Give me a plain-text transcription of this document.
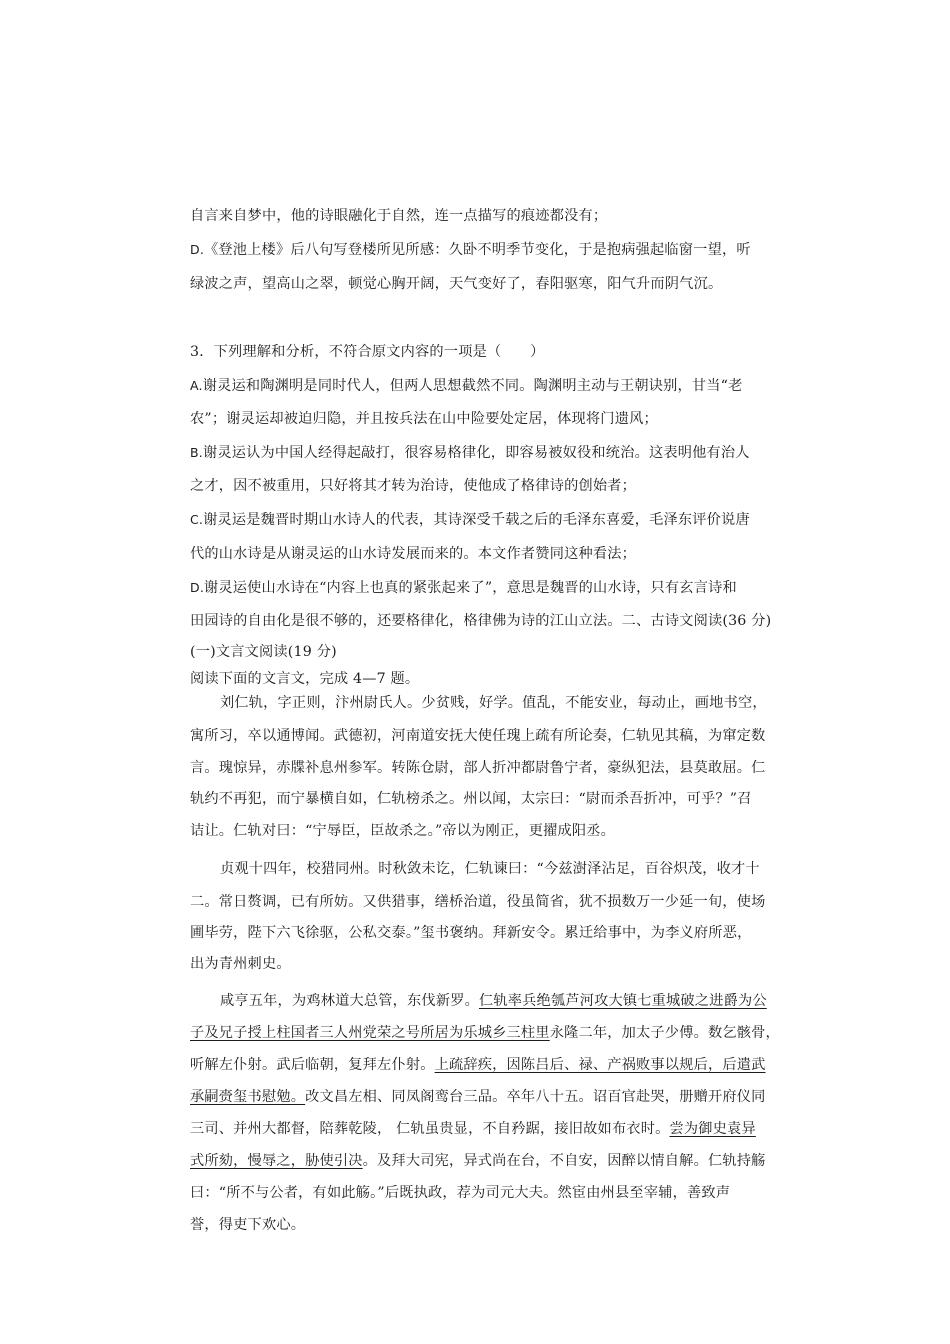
自言来自梦中，他的诗眼融化于自然，连一点描写的痕迹都没有；
D.《登池上楼》后八句写登楼所见所感：久卧不明季节变化，于是抱病强起临窗一望，听
绿波之声，望高山之翠，顿觉心胸开阔，天气变好了，春阳驱寒，阳气升而阴气沉。
3．下列理解和分析，不符合原文内容的一项是（　　）
A.谢灵运和陶渊明是同时代人，但两人思想截然不同。陶渊明主动与王朝诀别，甘当“老
农”；谢灵运却被迫归隐，并且按兵法在山中险要处定居，体现将门遗风；
B.谢灵运认为中国人经得起敲打，很容易格律化，即容易被奴役和统治。这表明他有治人
之才，因不被重用，只好将其才转为治诗，使他成了格律诗的创始者；
C.谢灵运是魏晋时期山水诗人的代表，其诗深受千载之后的毛泽东喜爱，毛泽东评价说唐
代的山水诗是从谢灵运的山水诗发展而来的。本文作者赞同这种看法；
D.谢灵运使山水诗在“内容上也真的紧张起来了”，意思是魏晋的山水诗，只有玄言诗和
田园诗的自由化是很不够的，还要格律化，格律佛为诗的江山立法。二、古诗文阅读(36 分)
(一)文言文阅读(19 分)
阅读下面的文言文，完成 4—7 题。
刘仁轨，字正则，汴州尉氏人。少贫贱，好学。值乱，不能安业，每动止，画地书空，
寓所习，卒以通博闻。武德初，河南道安抚大使任瑰上疏有所论奏，仁轨见其稿，为窜定数
言。瑰惊异，赤牒补息州参军。转陈仓尉，部人折冲都尉鲁宁者，豪纵犯法，县莫敢屈。仁
轨约不再犯，而宁暴横自如，仁轨榜杀之。州以闻，太宗曰：“尉而杀吾折冲，可乎？”召
诘让。仁轨对曰：“宁辱臣，臣故杀之。”帝以为刚正，更擢成阳丞。
贞观十四年，校猎同州。时秋敛未讫，仁轨谏曰：“今兹澍泽沾足，百谷炽茂，收才十
二。常日赘调，已有所妨。又供猎事，缮桥治道，役虽简省，犹不损数万一少延一旬，使场
圃毕劳，陛下六飞徐驱，公私交泰。”玺书褒纳。拜新安令。累迁给事中，为李义府所恶，
出为青州刺史。
咸亨五年，为鸡林道大总管，东伐新罗。仁轨率兵绝瓠芦河攻大镇七重城破之进爵为公
子及兄子授上柱国者三人州党荣之号所居为乐城乡三柱里永隆二年，加太子少傅。数乞骸骨，
听解左仆射。武后临朝，复拜左仆射。上疏辞疾，因陈吕后、禄、产祸败事以规后，后遣武
承嗣赍玺书慰勉。改文昌左相、同凤阁鸾台三品。卒年八十五。诏百官赴哭，册赠开府仪同
三司、并州大都督，陪葬乾陵， 仁轨虽贵显，不自矜踞，接旧故如布衣时。尝为御史袁异
式所劾，慢辱之，胁使引决。及拜大司宪，异式尚在台，不自安，因醉以情自解。仁轨持觞
曰：“所不与公者，有如此觞。”后既执政，荐为司元大夫。然宦由州县至宰辅，善致声
誉，得吏下欢心。
